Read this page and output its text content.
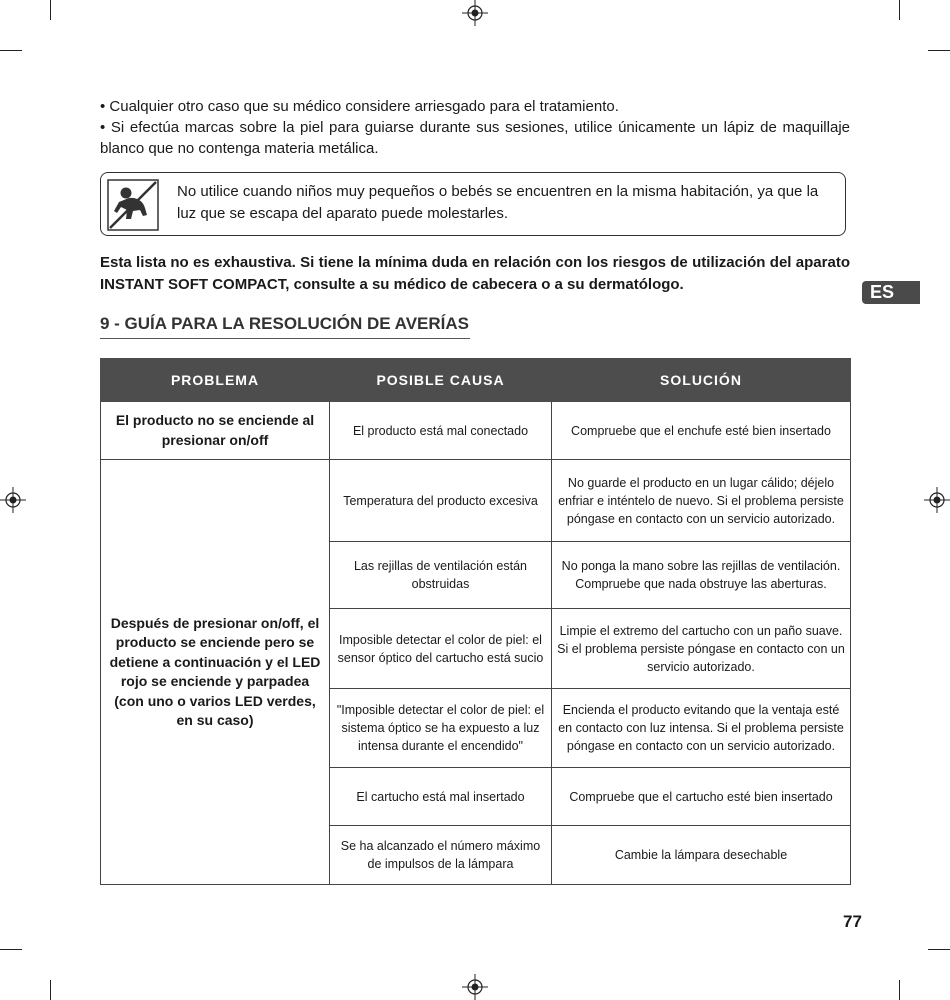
• Cualquier otro caso que su médico considere arriesgado para el tratamiento.

• Si efectúa marcas sobre la piel para guiarse durante sus sesiones, utilice únicamente un lápiz de maquillaje blanco que no contenga materia metálica.

No utilice cuando niños muy pequeños o bebés se encuentren en la misma habitación, ya que la luz que se escapa del aparato puede molestarles.
Esta lista no es exhaustiva. Si tiene la mínima duda en relación con los riesgos de utilización del aparato INSTANT SOFT COMPACT, consulte a su médico de cabecera o a su dermatólogo.	ES
9 - GUÍA PARA LA RESOLUCIÓN DE AVERÍAS
PROBLEMA	POSIBLE CAUSA	SOLUCIÓN
El producto no se enciende al presionar on/off	El producto está mal conectado	Compruebe que el enchufe esté bien insertado
Después de presionar on/off, el producto se enciende pero se detiene a continuación y el LED rojo se enciende y parpadea (con uno o varios LED verdes, en su caso)	Temperatura del producto excesiva	No guarde el producto en un lugar cálido; déjelo enfriar e inténtelo de nuevo. Si el problema persiste póngase en contacto con un servicio autorizado.
	Las rejillas de ventilación están obstruidas	No ponga la mano sobre las rejillas de ventilación. Compruebe que nada obstruye las aberturas.
	Imposible detectar el color de piel: el sensor óptico del cartucho está sucio	Limpie el extremo del cartucho con un paño suave. Si el problema persiste póngase en contacto con un servicio autorizado.
	"Imposible detectar el color de piel: el sistema óptico se ha expuesto a luz intensa durante el encendido"	Encienda el producto evitando que la ventaja esté en contacto con luz intensa. Si el problema persiste póngase en contacto con un servicio autorizado.
	El cartucho está mal insertado	Compruebe que el cartucho esté bien insertado
	Se ha alcanzado el número máximo de impulsos de la lámpara	Cambie la lámpara desechable
77
